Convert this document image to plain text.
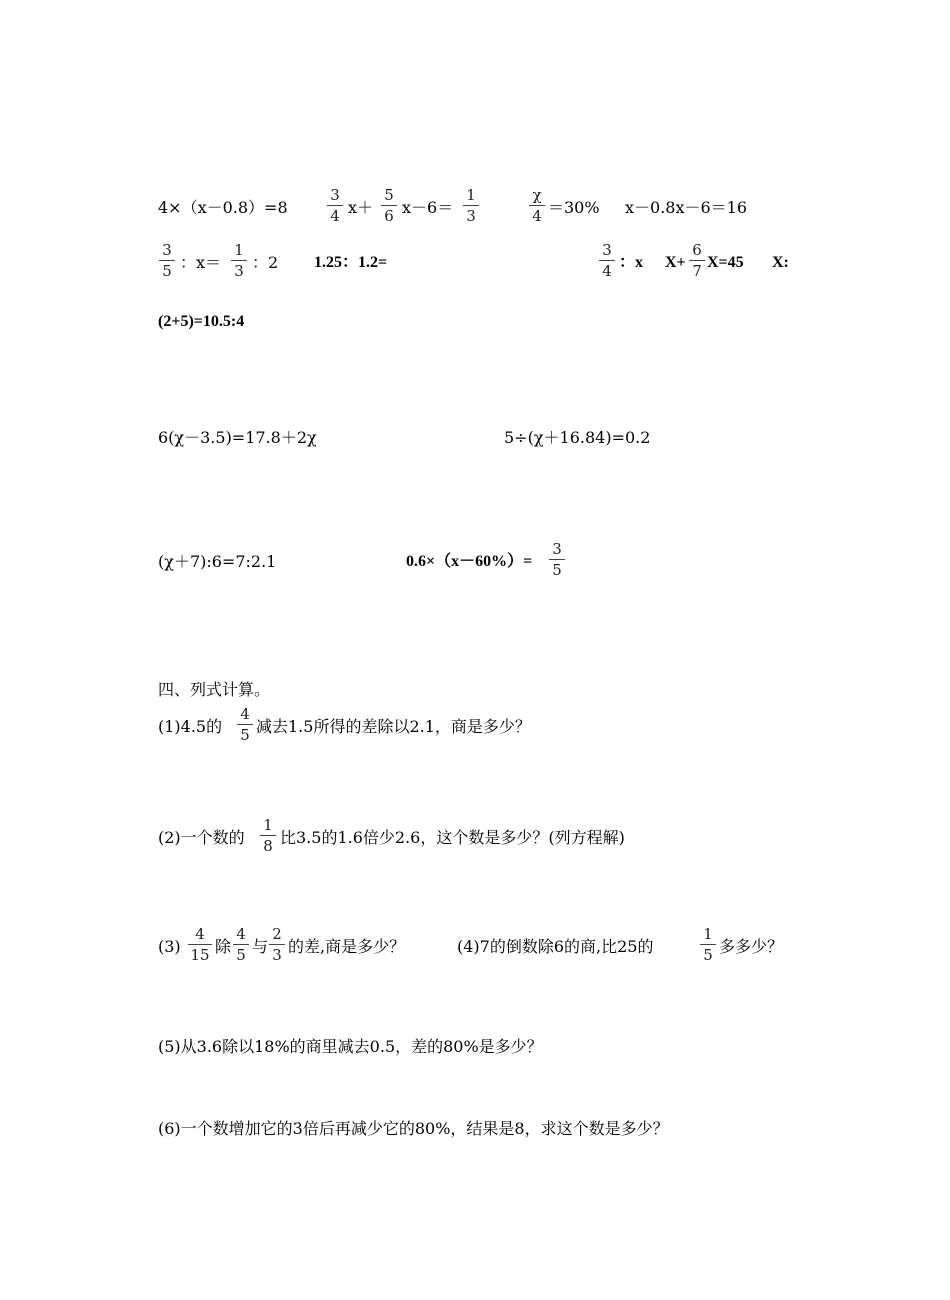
4×（x－0.8）=8
3
4 x＋
5
6 x－6＝
1
3
χ
4 ＝30% x－0.8x－6＝16
3
5 ：x＝
1
3 ：2 1.25：1.2=
3
4 ：x X+
6
7 X=45 X:
(2+5)=10.5:4
6(χ－3.5)=17.8＋2χ	5÷(χ＋16.84)=0.2
(χ＋7):6=7:2.1	0.6×（x－60%）=
3
5
四、列式计算。
(1)4.5的
4
5 减去1.5所得的差除以2.1，商是多少？
(2)一个数的
1
8 比3.5的1.6倍少2.6，这个数是多少？(列方程解)
(3)
4
15 除
4
5 与
2
3 的差,商是多少？	(4)7的倒数除6的商,比25的
1
5 多多少？
(5)从3.6除以18%的商里减去0.5，差的80%是多少？
(6)一个数增加它的3倍后再减少它的80%，结果是8，求这个数是多少？
